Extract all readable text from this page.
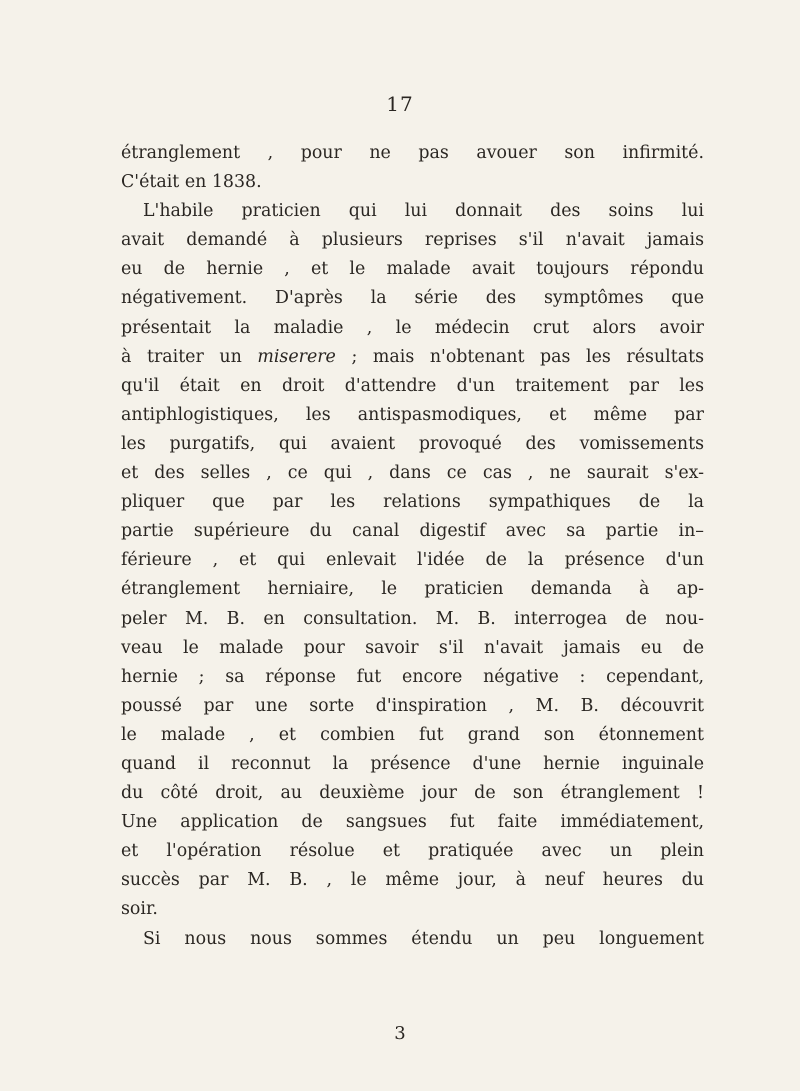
17
étranglement , pour ne pas avouer son infirmité.
C'était en 1838.
L'habile praticien qui lui donnait des soins lui
avait demandé à plusieurs reprises s'il n'avait jamais
eu de hernie , et le malade avait toujours répondu
négativement. D'après la série des symptômes que
présentait la maladie , le médecin crut alors avoir
à traiter un miserere ; mais n'obtenant pas les résultats
qu'il était en droit d'attendre d'un traitement par les
antiphlogistiques, les antispasmodiques, et même par
les purgatifs, qui avaient provoqué des vomissements
et des selles , ce qui , dans ce cas , ne saurait s'ex-
pliquer que par les relations sympathiques de la
partie supérieure du canal digestif avec sa partie in–
férieure , et qui enlevait l'idée de la présence d'un
étranglement herniaire, le praticien demanda à ap-
peler M. B. en consultation. M. B. interrogea de nou-
veau le malade pour savoir s'il n'avait jamais eu de
hernie ; sa réponse fut encore négative : cependant,
poussé par une sorte d'inspiration , M. B. découvrit
le malade , et combien fut grand son étonnement
quand il reconnut la présence d'une hernie inguinale
du côté droit, au deuxième jour de son étranglement !
Une application de sangsues fut faite immédiatement,
et l'opération résolue et pratiquée avec un plein
succès par M. B. , le même jour, à neuf heures du
soir.
Si nous nous sommes étendu un peu longuement
3
